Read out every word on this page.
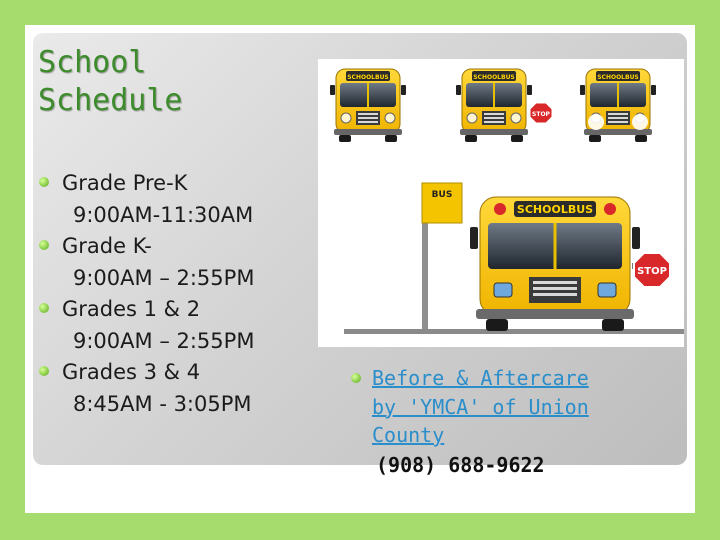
School
Schedule
Grade Pre-K
9:00AM-11:30AM
Grade K-
9:00AM – 2:55PM
Grades 1 & 2
9:00AM – 2:55PM
Grades 3 & 4
8:45AM - 3:05PM
SCHOOLBUS	SCHOOLBUS
STOP
SCHOOLBUS
BUS
SCHOOLBUS
STOP
Before & Aftercare
by 'YMCA' of Union
County
(908) 688-9622
